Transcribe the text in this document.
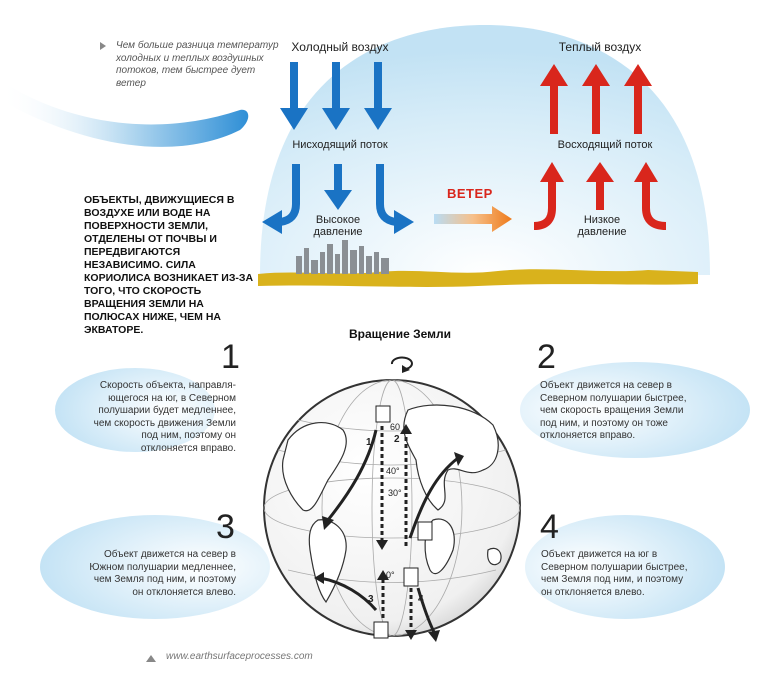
Чем больше разница температур холодных и теплых воздушных потоков, тем быстрее дует ветер
Холодный воздух	Теплый воздух
Нисходящий поток	Восходящий поток
Высокое
давление
Низкое
давление
ВЕТЕР
ОБЪЕКТЫ, ДВИЖУЩИЕСЯ В ВОЗДУХЕ ИЛИ ВОДЕ НА ПОВЕРХНОСТИ ЗЕМЛИ, ОТДЕЛЕНЫ ОТ ПОЧВЫ И ПЕРЕДВИГАЮТСЯ НЕЗАВИСИМО. СИЛА КОРИОЛИСА ВОЗНИКАЕТ ИЗ-ЗА ТОГО, ЧТО СКОРОСТЬ ВРАЩЕНИЯ ЗЕМЛИ НА ПОЛЮСАХ НИЖЕ, ЧЕМ НА ЭКВАТОРЕ.	Вращение Земли
60
40°
30°
0°
1 2
3	4
1
Скорость объекта, направля-ющегося на юг, в Северном полушарии будет медленнее, чем скорость движения Земли под ним, поэтому он отклоняется вправо.
2
Объект движется на север в Северном полушарии быстрее, чем скорость вращения Земли под ним, и поэтому он тоже отклоняется вправо.
3
Объект движется на север в Южном полушарии медленнее, чем Земля под ним, и поэтому он отклоняется влево.
4
Объект движется на юг в Северном полушарии быстрее, чем Земля под ним, и поэтому он отклоняется влево.
www.earthsurfaceprocesses.com
